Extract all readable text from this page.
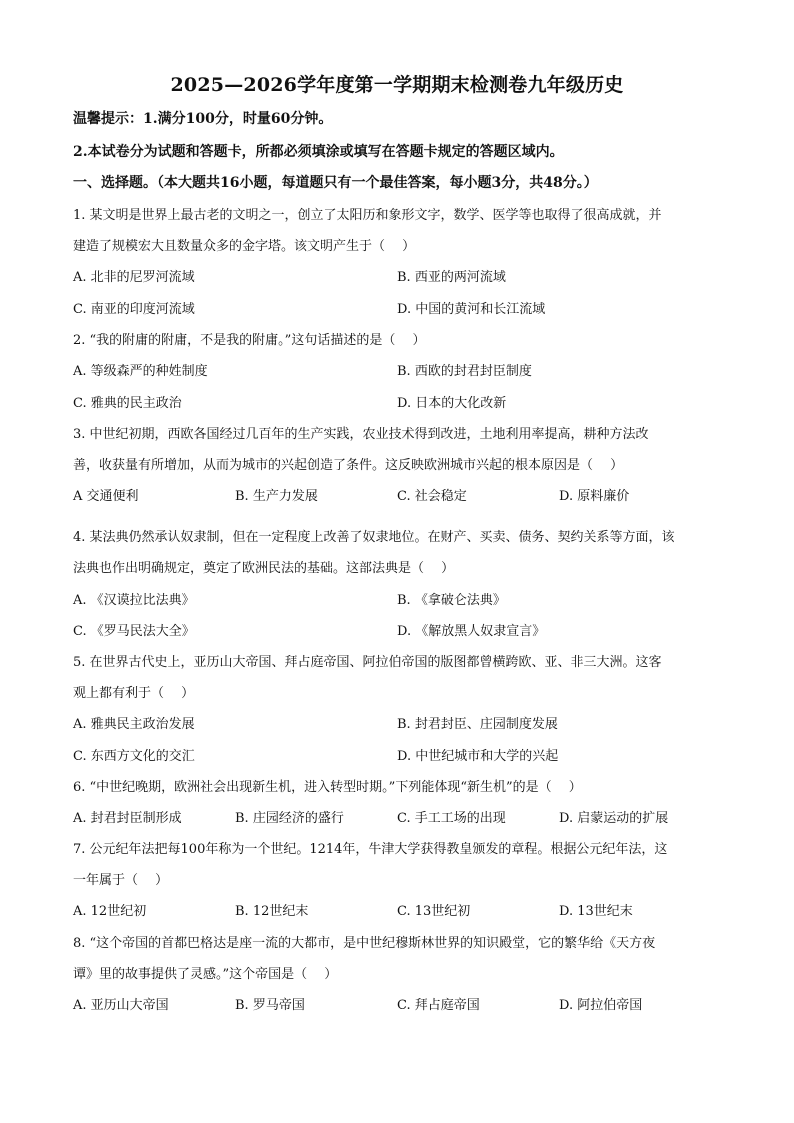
2025—2026学年度第一学期期末检测卷九年级历史
温馨提示：1.满分100分，时量60分钟。
2.本试卷分为试题和答题卡，所都必须填涂或填写在答题卡规定的答题区域内。
一、选择题。（本大题共16小题，每道题只有一个最佳答案，每小题3分，共48分。）
1. 某文明是世界上最古老的文明之一，创立了太阳历和象形文字，数学、医学等也取得了很高成就，并
建造了规模宏大且数量众多的金字塔。该文明产生于（　 ）
A. 北非的尼罗河流域	B. 西亚的两河流域
C. 南亚的印度河流域	D. 中国的黄河和长江流域
2. “我的附庸的附庸，不是我的附庸。”这句话描述的是（　 ）
A. 等级森严的种姓制度	B. 西欧的封君封臣制度
C. 雅典的民主政治	D. 日本的大化改新
3. 中世纪初期，西欧各国经过几百年的生产实践，农业技术得到改进，土地利用率提高，耕种方法改
善，收获量有所增加，从而为城市的兴起创造了条件。这反映欧洲城市兴起的根本原因是（　 ）
A 交通便利	B. 生产力发展	C. 社会稳定	D. 原料廉价
4. 某法典仍然承认奴隶制，但在一定程度上改善了奴隶地位。在财产、买卖、债务、契约关系等方面，该
法典也作出明确规定，奠定了欧洲民法的基础。这部法典是（　 ）
A. 《汉谟拉比法典》	B. 《拿破仑法典》
C. 《罗马民法大全》	D. 《解放黑人奴隶宣言》
5. 在世界古代史上，亚历山大帝国、拜占庭帝国、阿拉伯帝国的版图都曾横跨欧、亚、非三大洲。这客
观上都有利于（　 ）
A. 雅典民主政治发展	B. 封君封臣、庄园制度发展
C. 东西方文化的交汇	D. 中世纪城市和大学的兴起
6. “中世纪晚期，欧洲社会出现新生机，进入转型时期。”下列能体现“新生机”的是（　 ）
A. 封君封臣制形成	B. 庄园经济的盛行	C. 手工工场的出现	D. 启蒙运动的扩展
7. 公元纪年法把每100年称为一个世纪。1214年，牛津大学获得教皇颁发的章程。根据公元纪年法，这
一年属于（　 ）
A. 12世纪初	B. 12世纪末	C. 13世纪初	D. 13世纪末
8. “这个帝国的首都巴格达是座一流的大都市，是中世纪穆斯林世界的知识殿堂，它的繁华给《天方夜
谭》里的故事提供了灵感。”这个帝国是（　 ）
A. 亚历山大帝国	B. 罗马帝国	C. 拜占庭帝国	D. 阿拉伯帝国
